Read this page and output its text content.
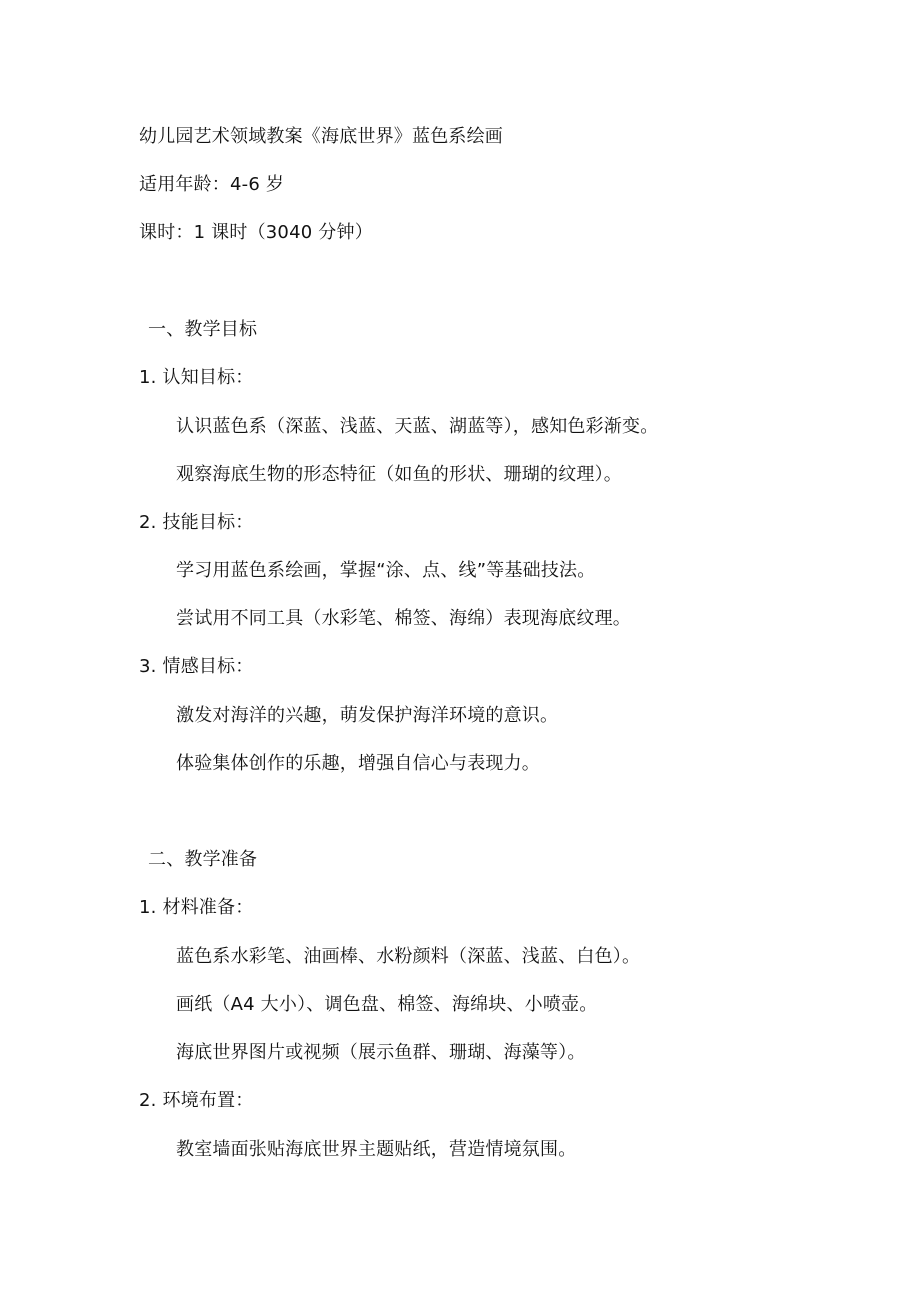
幼儿园艺术领域教案《海底世界》蓝色系绘画
适用年龄：4-6 岁
课时：1 课时（3040 分钟）
一、教学目标
1. 认知目标：
认识蓝色系（深蓝、浅蓝、天蓝、湖蓝等），感知色彩渐变。
观察海底生物的形态特征（如鱼的形状、珊瑚的纹理）。
2. 技能目标：
学习用蓝色系绘画，掌握“涂、点、线”等基础技法。
尝试用不同工具（水彩笔、棉签、海绵）表现海底纹理。
3. 情感目标：
激发对海洋的兴趣，萌发保护海洋环境的意识。
体验集体创作的乐趣，增强自信心与表现力。
二、教学准备
1. 材料准备：
蓝色系水彩笔、油画棒、水粉颜料（深蓝、浅蓝、白色）。
画纸（A4 大小）、调色盘、棉签、海绵块、小喷壶。
海底世界图片或视频（展示鱼群、珊瑚、海藻等）。
2. 环境布置：
教室墙面张贴海底世界主题贴纸，营造情境氛围。
